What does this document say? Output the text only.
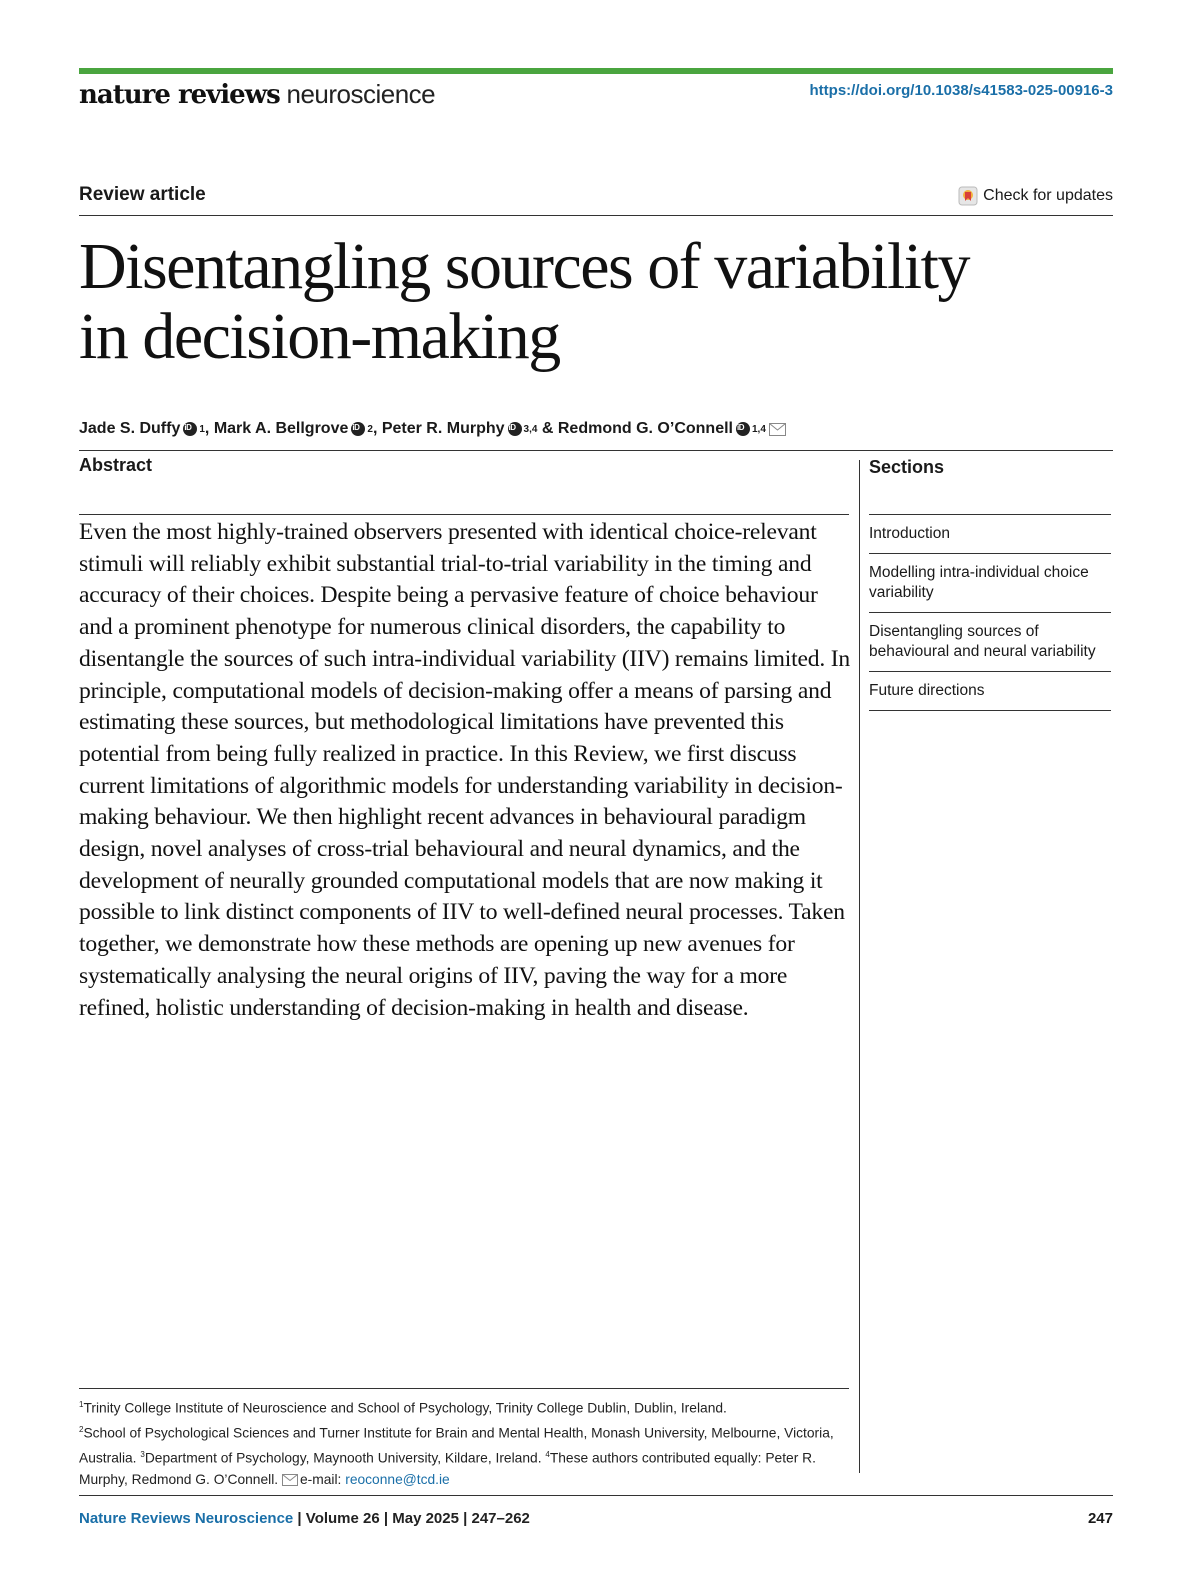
nature reviews neuroscience	https://doi.org/10.1038/s41583-025-00916-3
Review article	Check for updates
Disentangling sources of variability
in decision-making
Jade S. Duffy iD 1 , Mark A. Bellgrove iD 2 , Peter R. Murphy iD 3,4 & Redmond G. O’Connell iD 1,4
Abstract

Even the most highly-trained observers presented with identical choice-relevant stimuli will reliably exhibit substantial trial-to-trial variability in the timing and accuracy of their choices. Despite being a pervasive feature of choice behaviour and a prominent phenotype for numerous clinical disorders, the capability to disentangle the sources of such intra-individual variability (IIV) remains limited. In principle, computational models of decision-making offer a means of parsing and estimating these sources, but methodological limitations have prevented this potential from being fully realized in practice. In this Review, we first discuss current limitations of algorithmic models for understanding variability in decision-making behaviour. We then highlight recent advances in behavioural paradigm design, novel analyses of cross-trial behavioural and neural dynamics, and the development of neurally grounded computational models that are now making it possible to link distinct components of IIV to well-defined neural processes. Taken together, we demonstrate how these methods are opening up new avenues for systematically analysing the neural origins of IIV, paving the way for a more refined, holistic understanding of decision-making in health and disease.

Sections
Introduction
Modelling intra-individual choice variability
Disentangling sources of behavioural and neural variability
Future directions

$^1$Trinity College Institute of Neuroscience and School of Psychology, Trinity College Dublin, Dublin, Ireland.
$^2$School of Psychological Sciences and Turner Institute for Brain and Mental Health, Monash University, Melbourne, Victoria, Australia. $^3$Department of Psychology, Maynooth University, Kildare, Ireland. $^4$These authors contributed equally: Peter R. Murphy, Redmond G. O’Connell. e-mail: reoconne@tcd.ie

Nature Reviews Neuroscience | Volume 26 | May 2025 | 247–262	247
